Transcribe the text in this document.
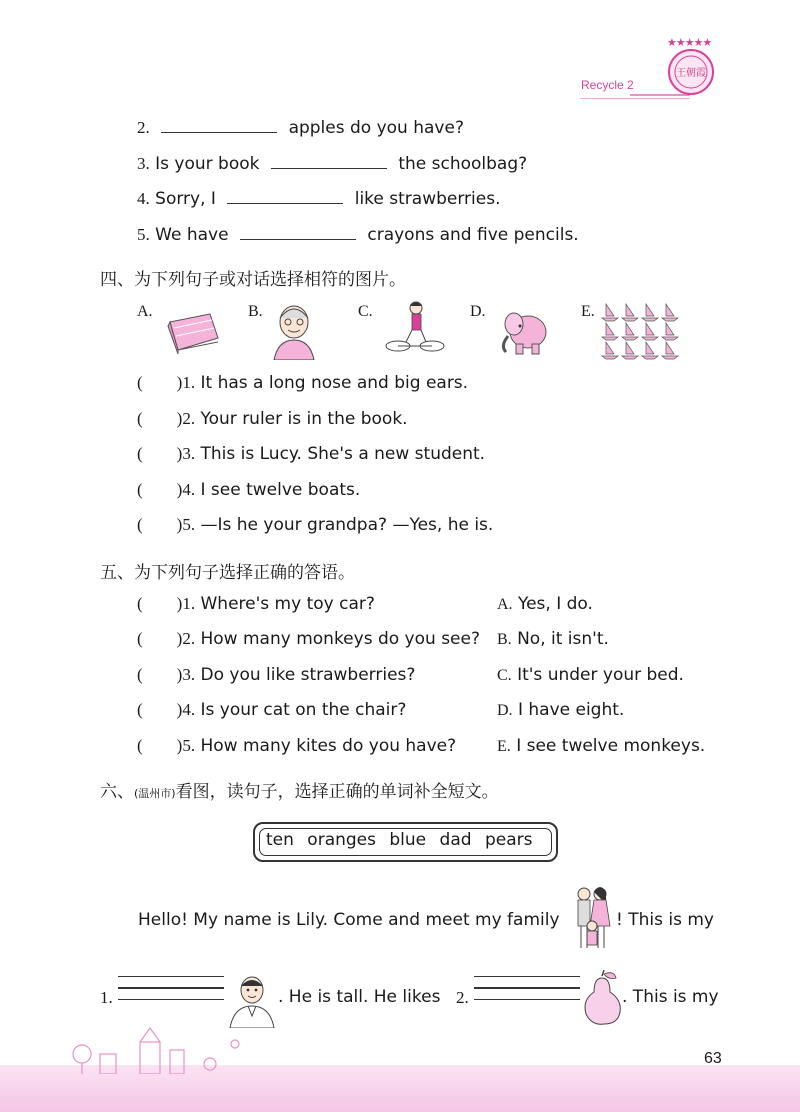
Recycle 2
★★★★★
王朝霞
2.	apples do you have?
3. Is your book	the schoolbag?
4. Sorry, I	like strawberries.
5. We have	crayons and five pencils.
四、为下列句子或对话选择相符的图片。
A.	B.	C.	D.	E.
( )1. It has a long nose and big ears.
( )2. Your ruler is in the book.
( )3. This is Lucy. She's a new student.
( )4. I see twelve boats.
( )5. —Is he your grandpa? —Yes, he is.
五、为下列句子选择正确的答语。
( )1. Where's my toy car?	A. Yes, I do.
( )2. How many monkeys do you see? B. No, it isn't.
( )3. Do you like strawberries?	C. It's under your bed.
( )4. Is your cat on the chair?	D. I have eight.
( )5. How many kites do you have?	E. I see twelve monkeys.
六、(温州市)看图，读句子，选择正确的单词补全短文。
ten oranges blue dad pears
Hello! My name is Lily. Come and meet my family	! This is my
1.	. He is tall. He likes 2.	. This is my
63
